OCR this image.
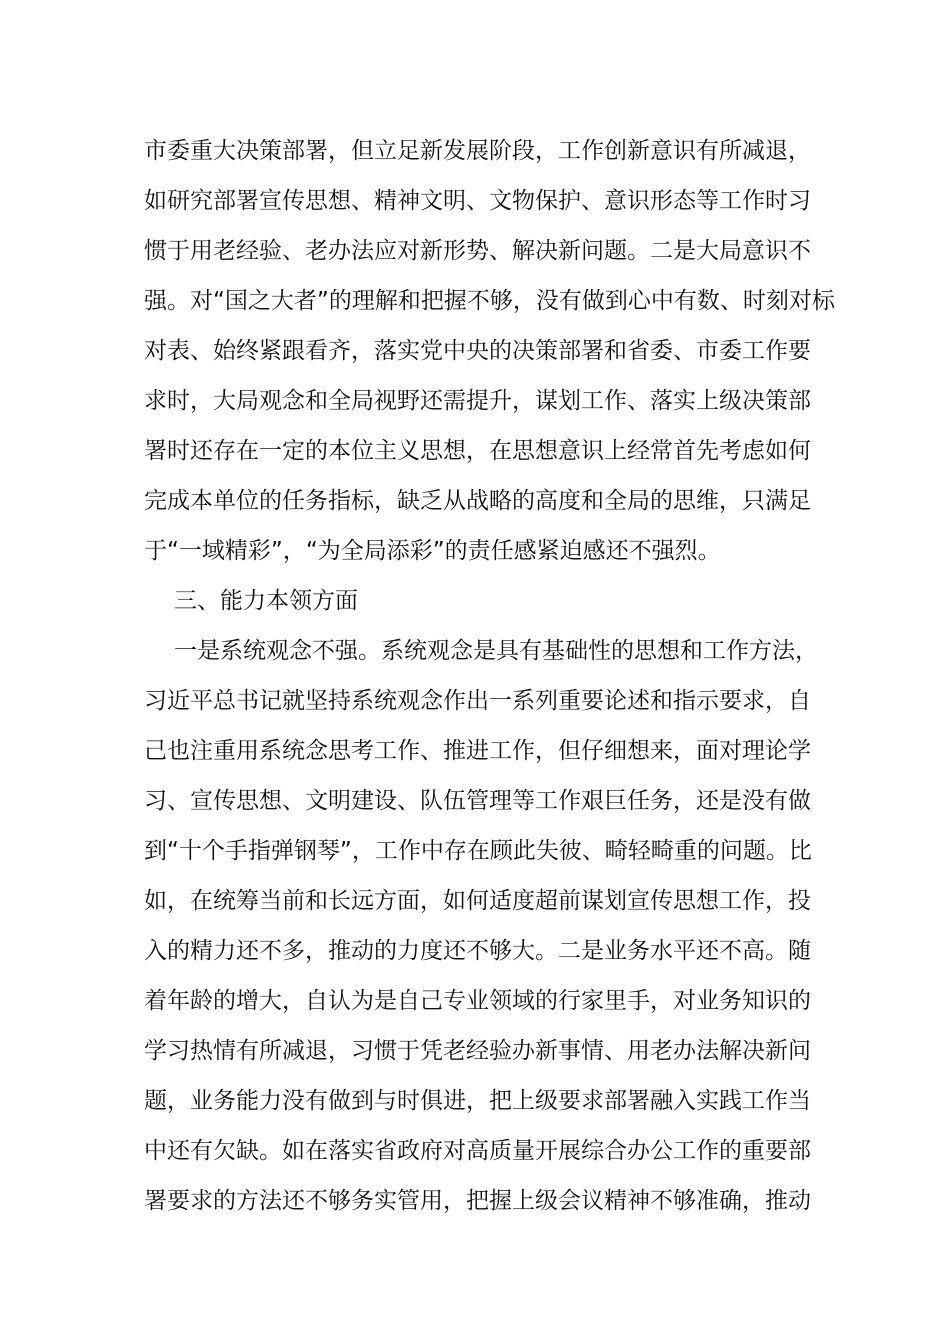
市委重大决策部署，但立足新发展阶段，工作创新意识有所减退，
如研究部署宣传思想、精神文明、文物保护、意识形态等工作时习
惯于用老经验、老办法应对新形势、解决新问题。二是大局意识不
强。对“国之大者”的理解和把握不够，没有做到心中有数、时刻对标
对表、始终紧跟看齐，落实党中央的决策部署和省委、市委工作要
求时，大局观念和全局视野还需提升，谋划工作、落实上级决策部
署时还存在一定的本位主义思想，在思想意识上经常首先考虑如何
完成本单位的任务指标，缺乏从战略的高度和全局的思维，只满足
于“一域精彩”，“为全局添彩”的责任感紧迫感还不强烈。
三、能力本领方面
一是系统观念不强。系统观念是具有基础性的思想和工作方法，
习近平总书记就坚持系统观念作出一系列重要论述和指示要求，自
己也注重用系统念思考工作、推进工作，但仔细想来，面对理论学
习、宣传思想、文明建设、队伍管理等工作艰巨任务，还是没有做
到“十个手指弹钢琴”，工作中存在顾此失彼、畸轻畸重的问题。比
如，在统筹当前和长远方面，如何适度超前谋划宣传思想工作，投
入的精力还不多，推动的力度还不够大。二是业务水平还不高。随
着年龄的增大，自认为是自己专业领域的行家里手，对业务知识的
学习热情有所减退，习惯于凭老经验办新事情、用老办法解决新问
题，业务能力没有做到与时俱进，把上级要求部署融入实践工作当
中还有欠缺。如在落实省政府对高质量开展综合办公工作的重要部
署要求的方法还不够务实管用，把握上级会议精神不够准确，推动
